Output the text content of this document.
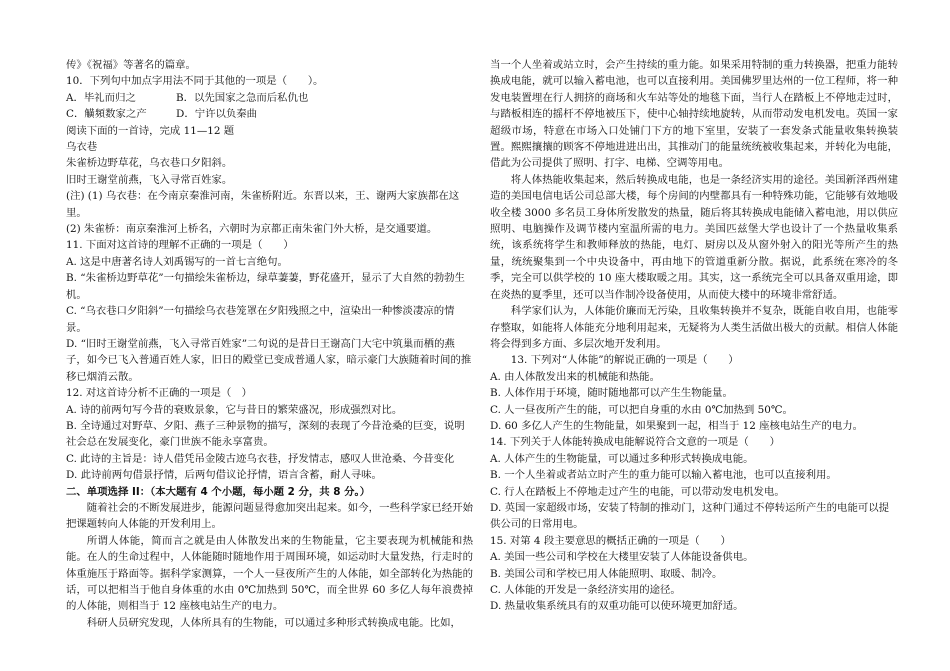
传》《祝福》等著名的篇章。
10．下列句中加点字用法不同于其他的一项是（　　）。
A．毕礼而归之	B．以先国家之急而后私仇也
C．觵頻数家之产	D．宁许以负秦曲
阅读下面的一首诗，完成 11—12 题
乌衣巷
朱雀桥边野草花，乌衣巷口夕阳斜。
旧时王谢堂前燕，飞入寻常百姓家。
(注) (1) 乌衣巷：在今南京秦淮河南，朱雀桥附近。东晋以来，王、谢两大家族都在这里。
(2) 朱雀桥：南京秦淮河上桥名，六朝时为京都正南朱雀门外大桥，是交通要道。
11. 下面对这首诗的理解不正确的一项是（　　）
A. 这是中唐著名诗人刘禹锡写的一首七言绝句。
B. “朱雀桥边野草花”一句描绘朱雀桥边，绿草萋萋，野花盛开，显示了大自然的勃勃生机。
C. “乌衣巷口夕阳斜”一句描绘乌衣巷笼罩在夕阳残照之中，渲染出一种惨淡凄凉的情景。
D. “旧时王谢堂前燕，飞入寻常百姓家”二句说的是昔日王谢高门大宅中筑巢而栖的燕子，如今已飞入普通百姓人家，旧日的殿堂已变成普通人家，暗示豪门大族随着时间的推移已烟消云散。
12. 对这首诗分析不正确的一项是（　）
A. 诗的前两句写今昔的衰败景象，它与昔日的繁荣盛况，形成强烈对比。
B. 全诗通过对野草、夕阳、燕子三种景物的描写，深刻的表现了今昔沧桑的巨变，说明社会总在发展变化，豪门世族不能永享富贵。
C. 此诗的主旨是：诗人借凭吊金陵古迹乌衣巷，抒发情志，感叹人世沧桑、今昔变化
D. 此诗前两句借景抒情，后两句借议论抒情，语言含蓄，耐人寻味。
二、单项选择 II：（本大题有 4 个小题，每小题 2 分，共 8 分。）

随着社会的不断发展进步，能源问题显得愈加突出起来。如今，一些科学家已经开始把课题转向人体能的开发利用上。

所谓人体能，简而言之就是由人体散发出来的生物能量，它主要表现为机械能和热能。在人的生命过程中，人体能随时随地作用于周围环境，如运动时大量发热，行走时的体重施压于路面等。据科学家测算，一个人一昼夜所产生的人体能，如全部转化为热能的话，可以把相当于他自身体重的水由 0℃加热到 50℃，而全世界 60 多亿人每年浪费掉的人体能，则相当于 12 座核电站生产的电力。

科研人员研究发现，人体所具有的生物能，可以通过多种形式转换成电能。比如，

当一个人坐着或站立时，会产生持续的重力能。如果采用特制的重力转换器，把重力能转换成电能，就可以输入蓄电池，也可以直接利用。美国佛罗里达州的一位工程师，将一种发电装置埋在行人拥挤的商场和火车站等处的地毯下面，当行人在踏板上不停地走过时，与踏板相连的摇杆不停地被压下，使中心轴持续地旋转，从而带动发电机发电。英国一家超级市场，特意在市场入口处铺门下方的地下室里，安装了一套发条式能量收集转换装置。熙熙攘攘的顾客不停地进进出出，其推动门的能量统统被收集起来，并转化为电能，借此为公司提供了照明、打字、电梯、空调等用电。

将人体热能收集起来，然后转换成电能，也是一条经济实用的途径。美国新泽西州建造的美国电信电话公司总部大楼，每个房间的内壁都具有一种特殊功能，它能够有效地吸收全楼 3000 多名员工身体所发散发的热量，随后将其转换成电能储入蓄电池，用以供应照明、电脑操作及调节楼内室温所需的电力。美国匹兹堡大学也设计了一个热量收集系统，该系统将学生和教师释放的热能，电灯、厨房以及从窗外射入的阳光等所产生的热量，统统聚集到一个中央设备中，再由地下的管道重新分散。据说，此系统在寒冷的冬季，完全可以供学校的 10 座大楼取暖之用。其实，这一系统完全可以具备双重用途，即在炎热的夏季里，还可以当作制冷设备使用，从而使大楼中的环境非常舒适。

科学家们认为，人体能价廉而无污染，且收集转换并不复杂，既能自收自用，也能零存整取，如能将人体能充分地利用起来，无疑将为人类生活做出极大的贡献。相信人体能将会得到多方面、多层次地开发利用。

13. 下列对“人体能”的解说正确的一项是（　　）
A. 由人体散发出来的机械能和热能。
B. 人体作用于环境，随时随地都可以产生生物能量。
C. 人一昼夜所产生的能，可以把自身重的水由 0℃加热到 50℃。
D. 60 多亿人产生的生物能量，如果聚到一起，相当于 12 座核电站生产的电力。
14. 下列关于人体能转换成电能解说符合文意的一项是（　　）
A. 人体产生的生物能量，可以通过多种形式转换成电能。
B. 一个人坐着或者站立时产生的重力能可以输入蓄电池，也可以直接利用。
C. 行人在踏板上不停地走过产生的电能，可以带动发电机发电。
D. 英国一家超级市场，安装了特制的推动门，这种门通过不停转运所产生的电能可以提供公司的日常用电。
15. 对第 4 段主要意思的概括正确的一项是（　　）
A. 美国一些公司和学校在大楼里安装了人体能设备供电。
B. 美国公司和学校已用人体能照明、取暖、制冷。
C. 人体能的开发是一条经济实用的途径。
D. 热量收集系统具有的双重功能可以使环境更加舒适。
